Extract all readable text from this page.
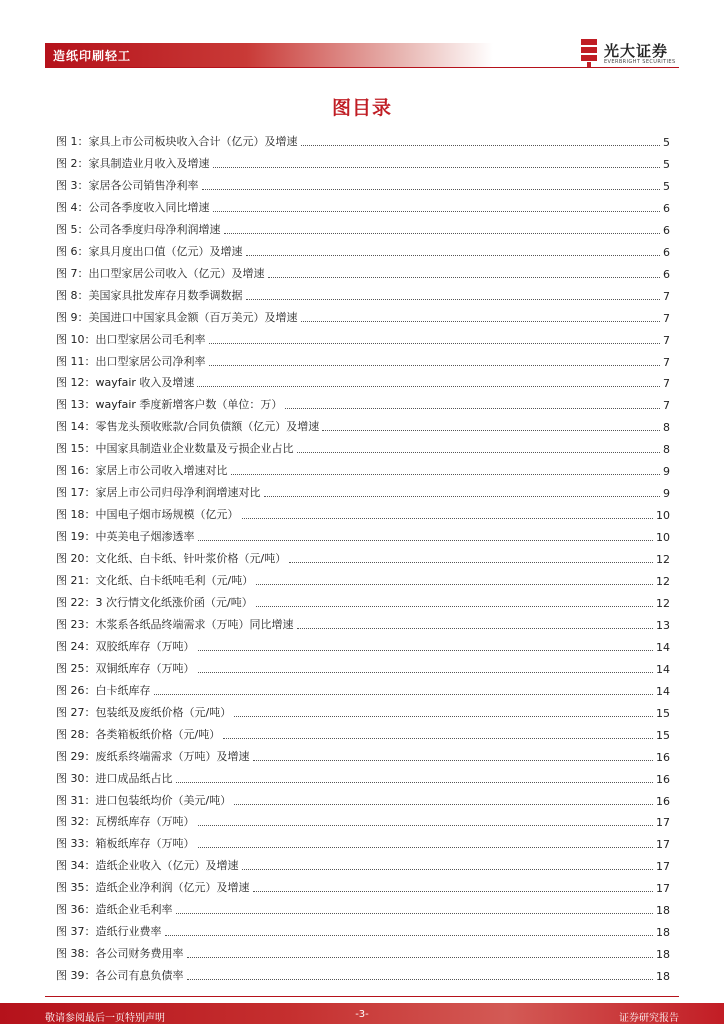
造纸印刷轻工	光大证券
EVERBRIGHT SECURITIES
图目录
图 1：家具上市公司板块收入合计（亿元）及增速	5
图 2：家具制造业月收入及增速	5
图 3：家居各公司销售净利率	5
图 4：公司各季度收入同比增速	6
图 5：公司各季度归母净利润增速	6
图 6：家具月度出口值（亿元）及增速	6
图 7：出口型家居公司收入（亿元）及增速	6
图 8：美国家具批发库存月数季调数据	7
图 9：美国进口中国家具金额（百万美元）及增速	7
图 10：出口型家居公司毛利率	7
图 11：出口型家居公司净利率	7
图 12：wayfair 收入及增速	7
图 13：wayfair 季度新增客户数（单位：万）	7
图 14：零售龙头预收账款/合同负债额（亿元）及增速	8
图 15：中国家具制造业企业数量及亏损企业占比	8
图 16：家居上市公司收入增速对比	9
图 17：家居上市公司归母净利润增速对比	9
图 18：中国电子烟市场规模（亿元）	10
图 19：中英美电子烟渗透率	10
图 20：文化纸、白卡纸、针叶浆价格（元/吨）	12
图 21：文化纸、白卡纸吨毛利（元/吨）	12
图 22：3 次行情文化纸涨价函（元/吨）	12
图 23：木浆系各纸品终端需求（万吨）同比增速	13
图 24：双胶纸库存（万吨）	14
图 25：双铜纸库存（万吨）	14
图 26：白卡纸库存	14
图 27：包装纸及废纸价格（元/吨）	15
图 28：各类箱板纸价格（元/吨）	15
图 29：废纸系终端需求（万吨）及增速	16
图 30：进口成品纸占比	16
图 31：进口包装纸均价（美元/吨）	16
图 32：瓦楞纸库存（万吨）	17
图 33：箱板纸库存（万吨）	17
图 34：造纸企业收入（亿元）及增速	17
图 35：造纸企业净利润（亿元）及增速	17
图 36：造纸企业毛利率	18
图 37：造纸行业费率	18
图 38：各公司财务费用率	18
图 39：各公司有息负债率	18
敬请参阅最后一页特别声明	-3-	证券研究报告
